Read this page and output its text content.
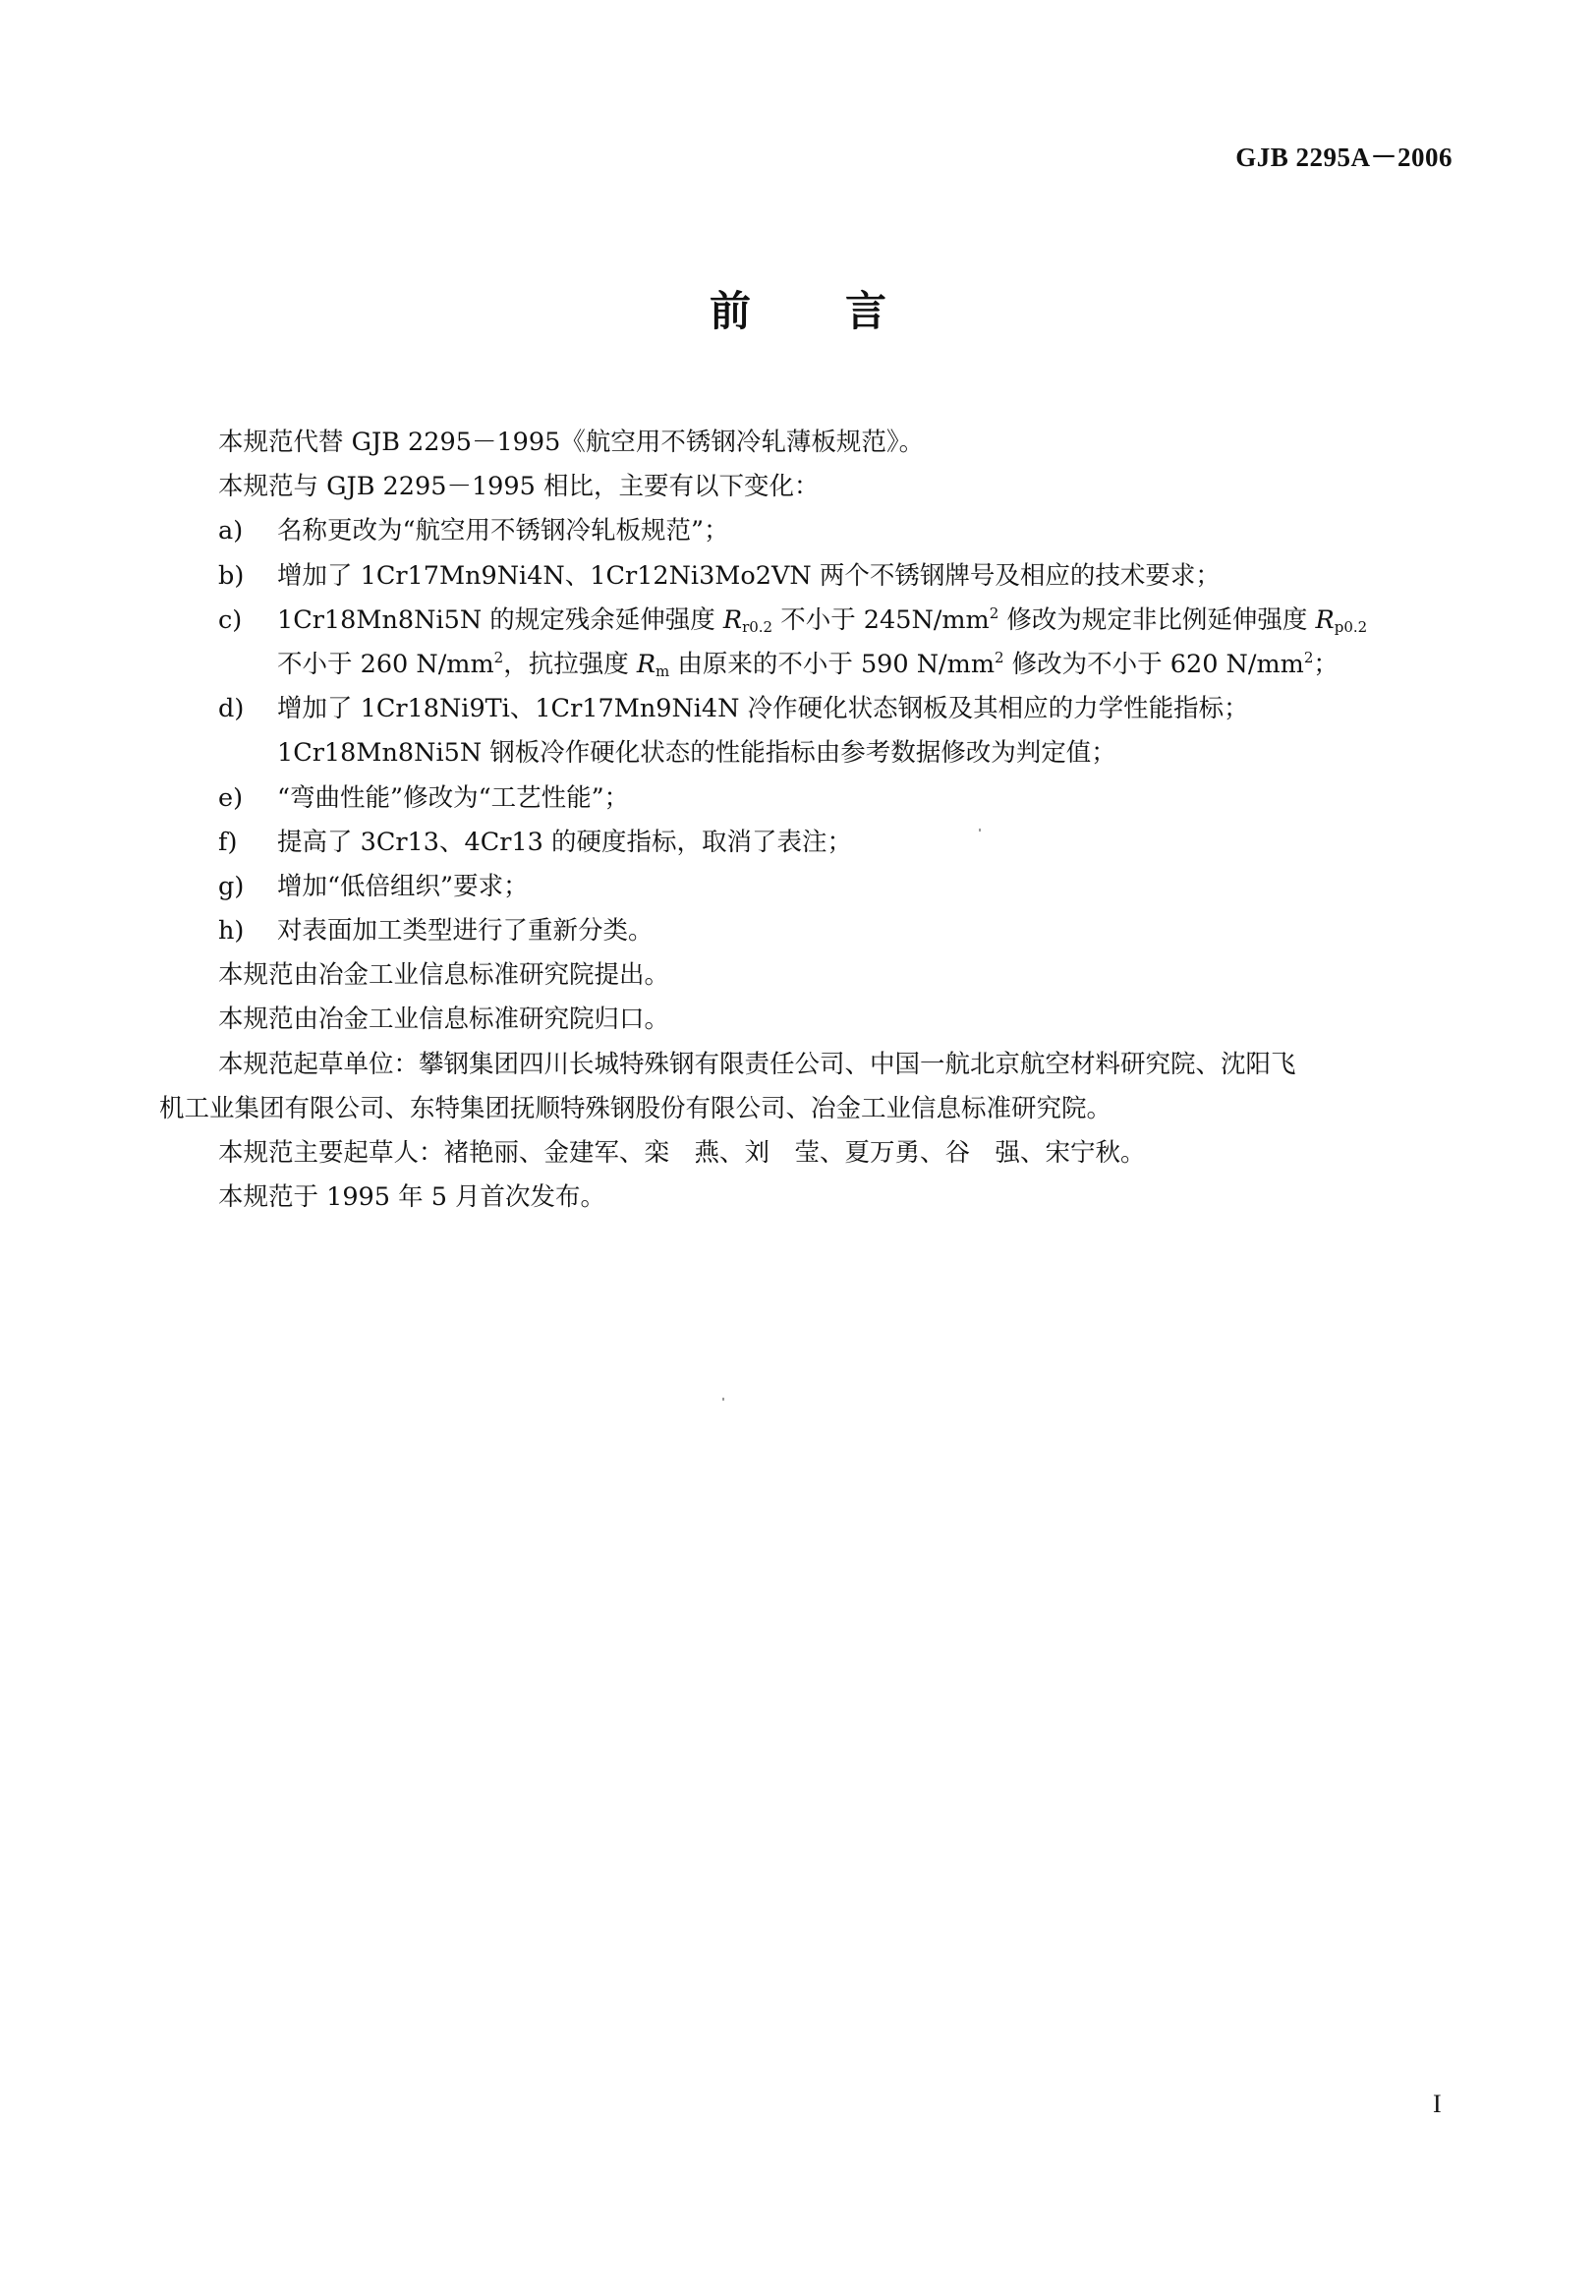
GJB 2295A－2006
前 言
本规范代替 GJB 2295－1995《航空用不锈钢冷轧薄板规范》。
本规范与 GJB 2295－1995 相比，主要有以下变化：
a) 名称更改为“航空用不锈钢冷轧板规范”；
b) 增加了 1Cr17Mn9Ni4N、1Cr12Ni3Mo2VN 两个不锈钢牌号及相应的技术要求；
c) 1Cr18Mn8Ni5N 的规定残余延伸强度 $R_{r0.2}$ 不小于 $245N/mm^2$ 修改为规定非比例延伸强度 $R_{p0.2}$
不小于 260 $N/mm^2$，抗拉强度 $R_m$ 由原来的不小于 590 $N/mm^2$ 修改为不小于 620 $N/mm^2$；
d) 增加了 1Cr18Ni9Ti、1Cr17Mn9Ni4N 冷作硬化状态钢板及其相应的力学性能指标；
1Cr18Mn8Ni5N 钢板冷作硬化状态的性能指标由参考数据修改为判定值；
e) “弯曲性能”修改为“工艺性能”；
f) 提高了 3Cr13、4Cr13 的硬度指标，取消了表注；
g) 增加“低倍组织”要求；
h) 对表面加工类型进行了重新分类。
本规范由冶金工业信息标准研究院提出。
本规范由冶金工业信息标准研究院归口。
本规范起草单位：攀钢集团四川长城特殊钢有限责任公司、中国一航北京航空材料研究院、沈阳飞
机工业集团有限公司、东特集团抚顺特殊钢股份有限公司、冶金工业信息标准研究院。
本规范主要起草人：褚艳丽、金建军、栾　燕、刘　莹、夏万勇、谷　强、宋宁秋。
本规范于 1995 年 5 月首次发布。
I
